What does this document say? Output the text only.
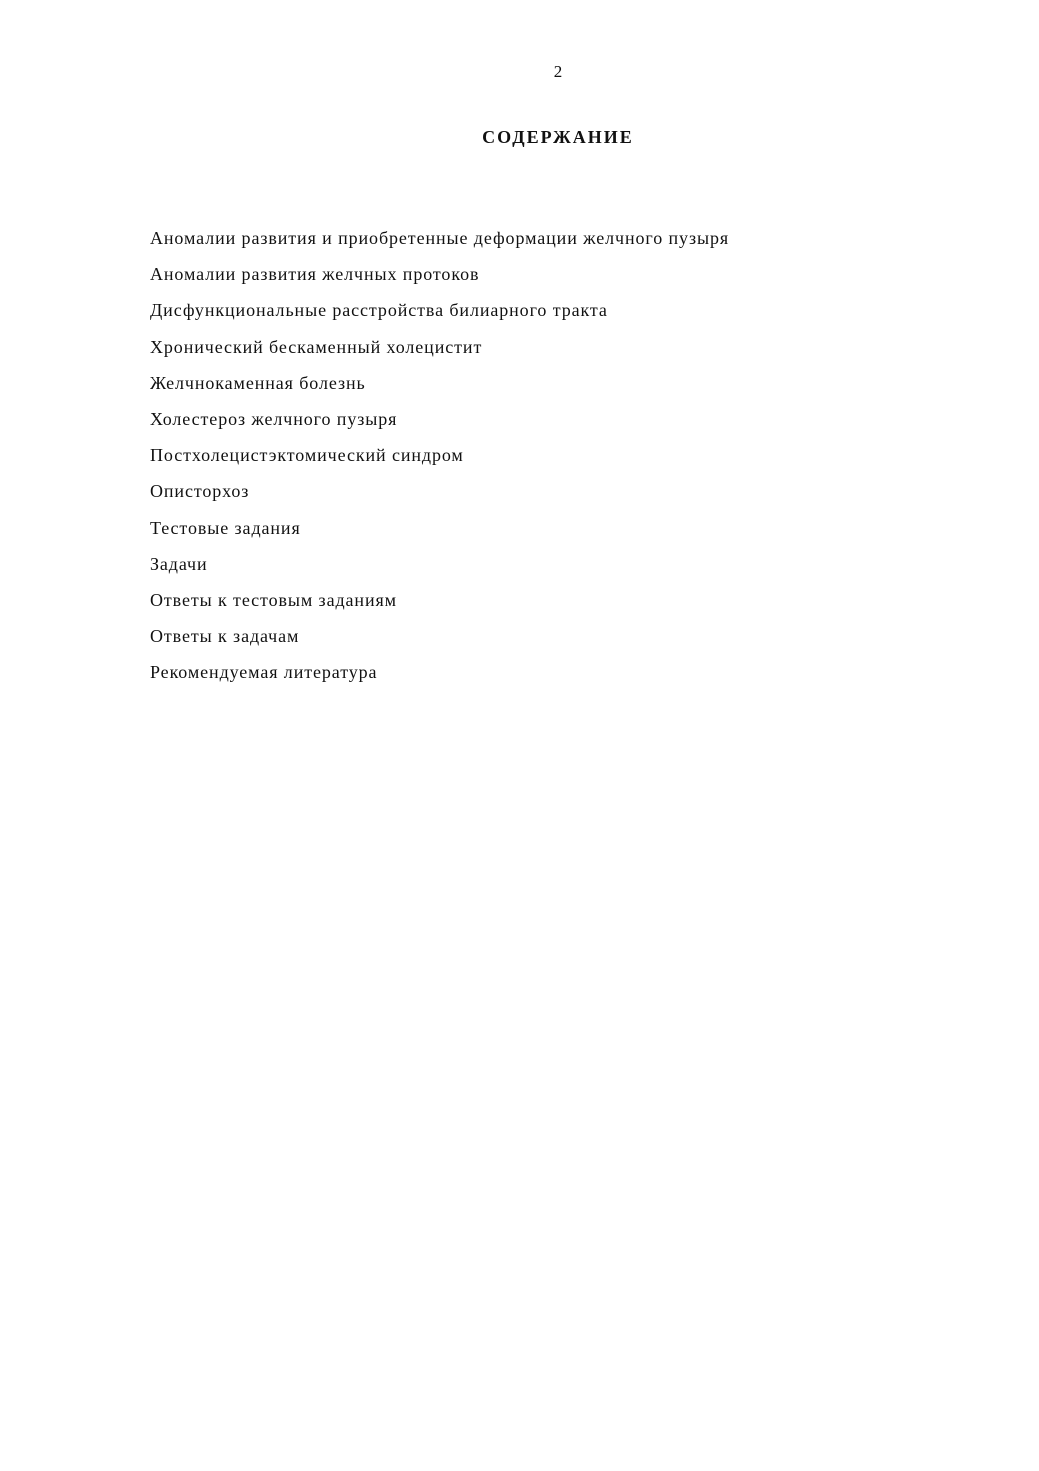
2
СОДЕРЖАНИЕ
Аномалии развития и приобретенные деформации желчного пузыря
Аномалии развития желчных протоков
Дисфункциональные расстройства билиарного тракта
Хронический бескаменный холецистит
Желчнокаменная болезнь
Холестероз желчного пузыря
Постхолецистэктомический синдром
Описторхоз
Тестовые задания
Задачи
Ответы к тестовым заданиям
Ответы к задачам
Рекомендуемая литература
